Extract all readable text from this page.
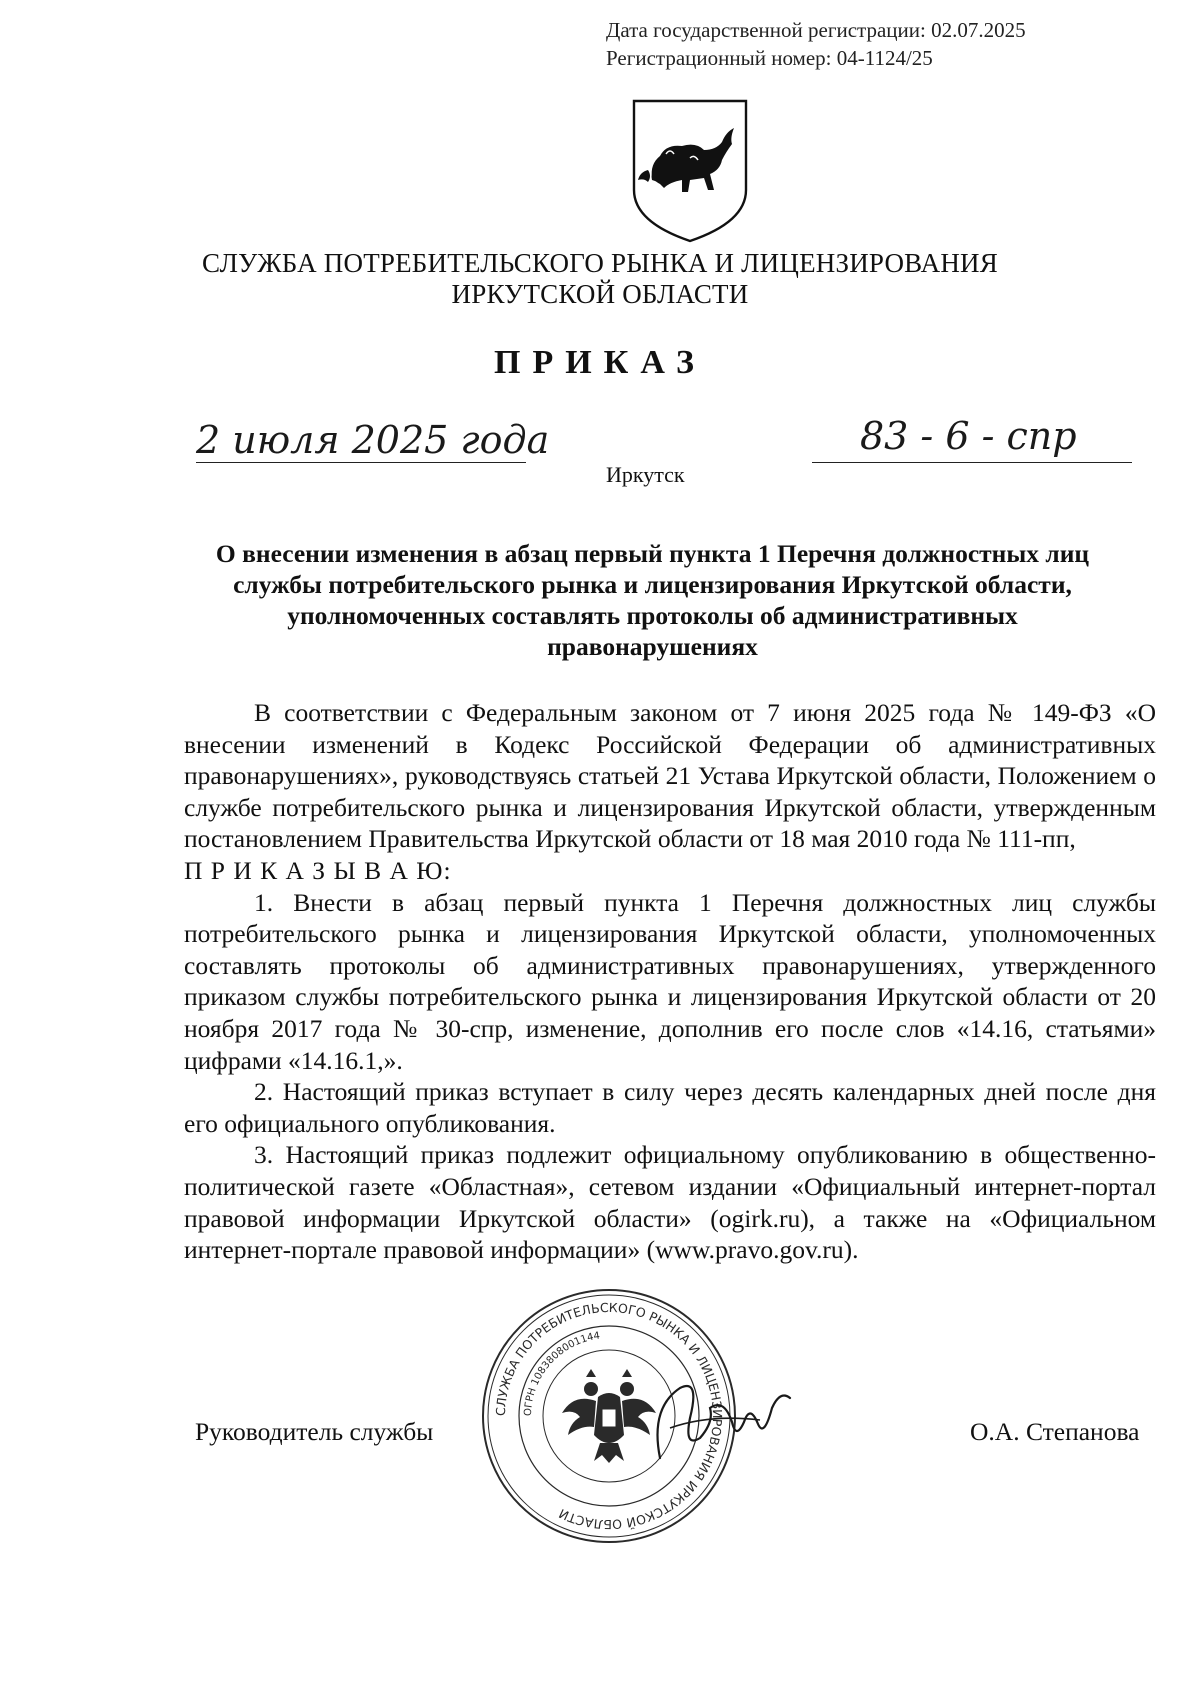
Дата государственной регистрации: 02.07.2025
Регистрационный номер: 04-1124/25
СЛУЖБА ПОТРЕБИТЕЛЬСКОГО РЫНКА И ЛИЦЕНЗИРОВАНИЯ
ИРКУТСКОЙ ОБЛАСТИ
ПРИКАЗ
2 июля 2025 года	83 - 6 - спр
Иркутск
О внесении изменения в абзац первый пункта 1 Перечня должностных лиц
службы потребительского рынка и лицензирования Иркутской области,
уполномоченных составлять протоколы об административных
правонарушениях

В соответствии с Федеральным законом от 7 июня 2025 года № 149-ФЗ «О внесении изменений в Кодекс Российской Федерации об административных правонарушениях», руководствуясь статьей 21 Устава Иркутской области, Положением о службе потребительского рынка и лицензирования Иркутской области, утвержденным постановлением Правительства Иркутской области от 18 мая 2010 года № 111-пп,

П Р И К А З Ы В А Ю:

1. Внести в абзац первый пункта 1 Перечня должностных лиц службы потребительского рынка и лицензирования Иркутской области, уполномоченных составлять протоколы об административных правонарушениях, утвержденного приказом службы потребительского рынка и лицензирования Иркутской области от 20 ноября 2017 года № 30-спр, изменение, дополнив его после слов «14.16, статьями» цифрами «14.16.1,».

2. Настоящий приказ вступает в силу через десять календарных дней после дня его официального опубликования.

3. Настоящий приказ подлежит официальному опубликованию в общественно-политической газете «Областная», сетевом издании «Официальный интернет-портал правовой информации Иркутской области» (ogirk.ru), а также на «Официальном интернет-портале правовой информации» (www.pravo.gov.ru).

СЛУЖБА ПОТРЕБИТЕЛЬСКОГО РЫНКА И ЛИЦЕНЗИРОВАНИЯ ИРКУТСКОЙ ОБЛАСТИ
ОГРН 1083808001144
Руководитель службы	О.А. Степанова
